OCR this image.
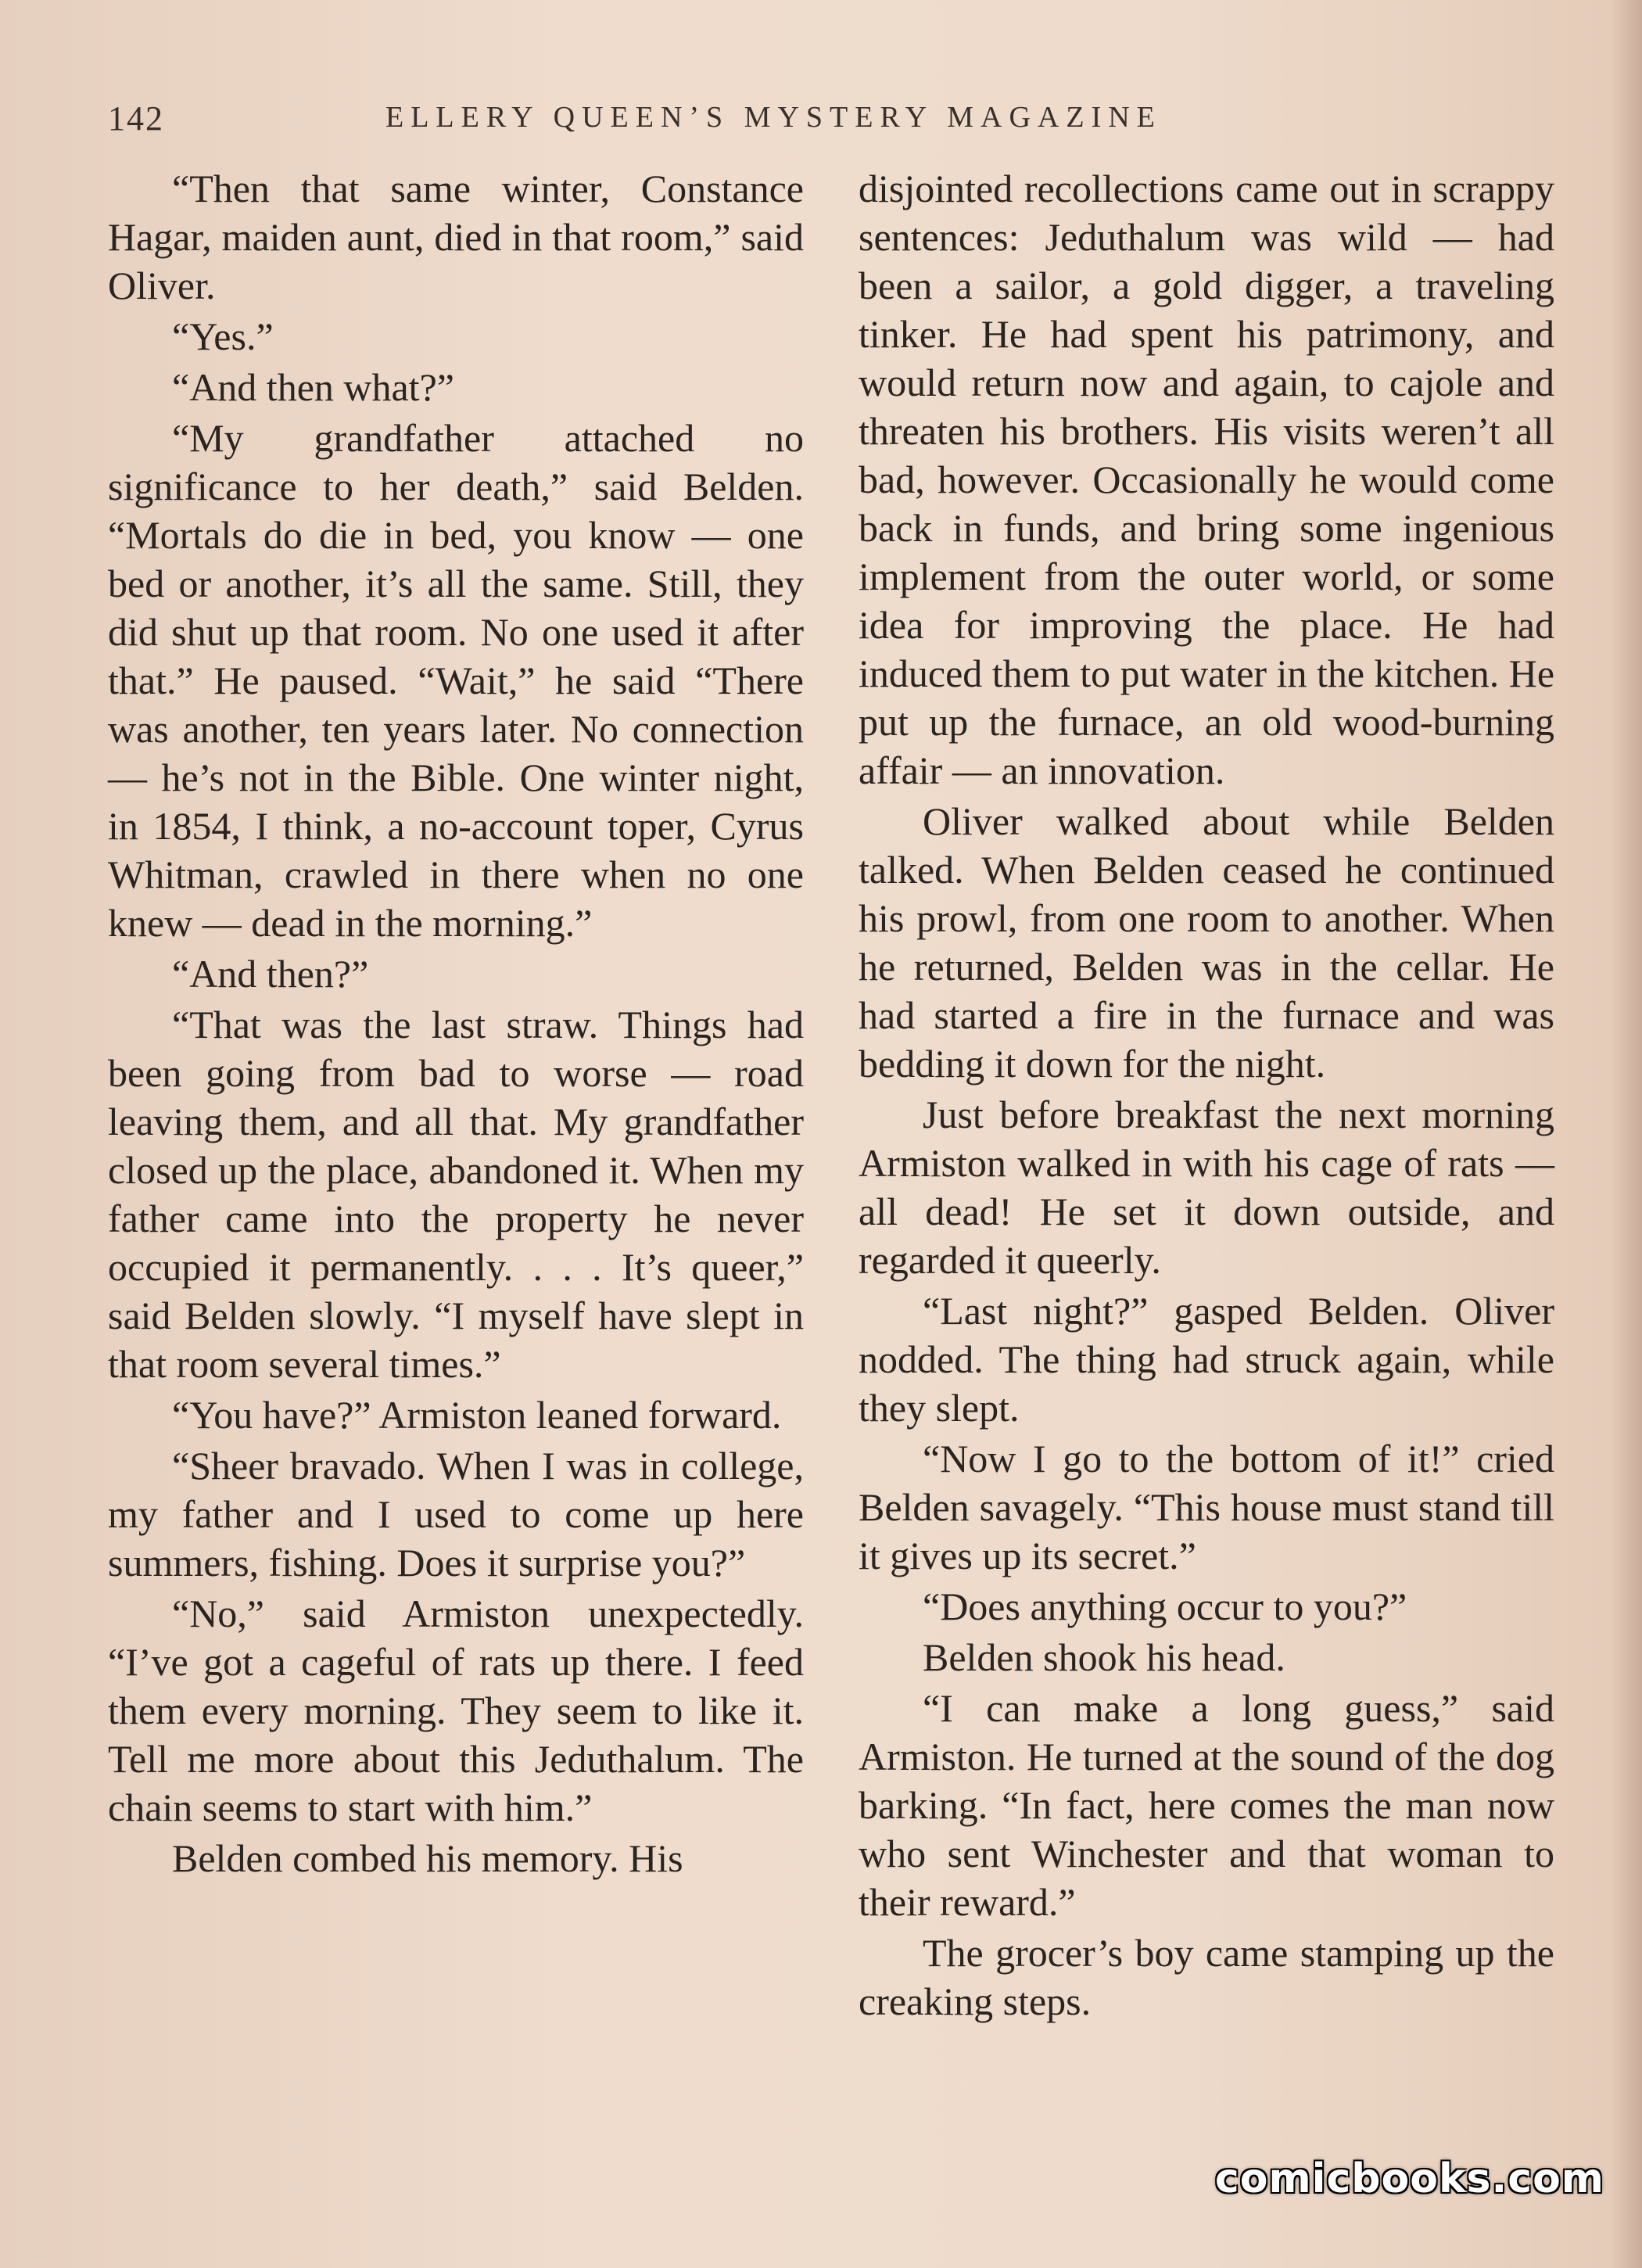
142	ELLERY QUEEN’S MYSTERY MAGAZINE

“Then that same winter, Constance Hagar, maiden aunt, died in that room,” said Oliver.

“Yes.”

“And then what?”

“My grandfather attached no significance to her death,” said Belden. “Mortals do die in bed, you know — one bed or another, it’s all the same. Still, they did shut up that room. No one used it after that.” He paused. “Wait,” he said “There was another, ten years later. No connection — he’s not in the Bible. One winter night, in 1854, I think, a no-account toper, Cyrus Whitman, crawled in there when no one knew — dead in the morning.”

“And then?”

“That was the last straw. Things had been going from bad to worse — road leaving them, and all that. My grandfather closed up the place, abandoned it. When my father came into the property he never occupied it permanently. . . . It’s queer,” said Belden slowly. “I myself have slept in that room several times.”

“You have?” Armiston leaned forward.

“Sheer bravado. When I was in college, my father and I used to come up here summers, fishing. Does it surprise you?”

“No,” said Armiston unexpectedly. “I’ve got a cageful of rats up there. I feed them every morning. They seem to like it. Tell me more about this Jeduthalum. The chain seems to start with him.”

Belden combed his memory. His

disjointed recollections came out in scrappy sentences: Jeduthalum was wild — had been a sailor, a gold digger, a traveling tinker. He had spent his patrimony, and would return now and again, to cajole and threaten his brothers. His visits weren’t all bad, however. Occasionally he would come back in funds, and bring some ingenious implement from the outer world, or some idea for improving the place. He had induced them to put water in the kitchen. He put up the furnace, an old wood-burning affair — an innovation.

Oliver walked about while Belden talked. When Belden ceased he continued his prowl, from one room to another. When he returned, Belden was in the cellar. He had started a fire in the furnace and was bedding it down for the night.

Just before breakfast the next morning Armiston walked in with his cage of rats — all dead! He set it down outside, and regarded it queerly.

“Last night?” gasped Belden. Oliver nodded. The thing had struck again, while they slept.

“Now I go to the bottom of it!” cried Belden savagely. “This house must stand till it gives up its secret.”

“Does anything occur to you?”

Belden shook his head.

“I can make a long guess,” said Armiston. He turned at the sound of the dog barking. “In fact, here comes the man now who sent Winchester and that woman to their reward.”

The grocer’s boy came stamping up the creaking steps.

comicbooks.com
